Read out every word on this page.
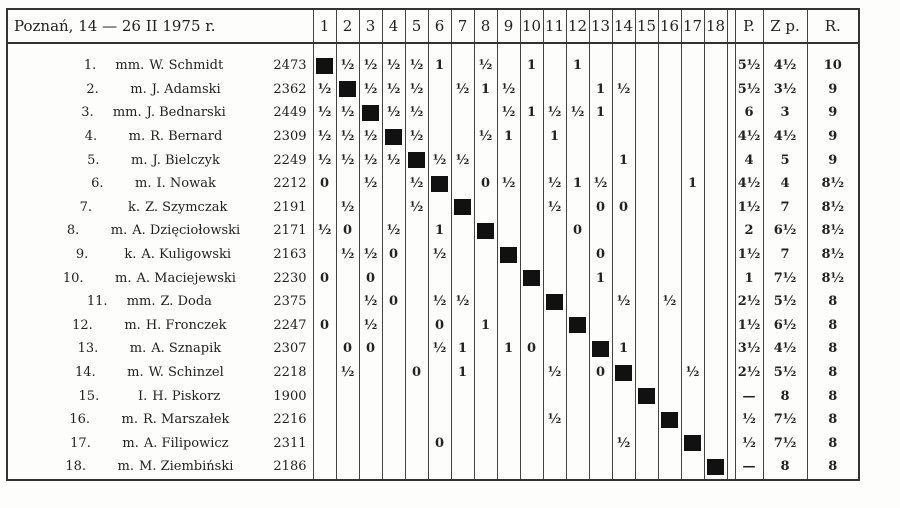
Poznań, 14 — 26 II 1975 r.	1	2	3	4	5	6	7	8	9	10	11	12	13	14	15	16	17	18		P.	Z p.	R.
1. mm. W. Schmidt 2473		½	½	½	½	1		½		1		1								5½	4½	10
2. m. J. Adamski 2362	½		½	½	½		½	1	½				1	½						5½	3½	9
3. mm. J. Bednarski 2449	½	½		½	½				½	1	½	½	1							6	3	9
4. m. R. Bernard 2309	½	½	½		½			½	1		1									4½	4½	9
5. m. J. Bielczyk 2249	½	½	½	½		½	½							1						4	5	9
6. m. I. Nowak 2212	0		½		½			0	½		½	1	½				1			4½	4	8½
7. k. Z. Szymczak 2191		½			½						½		0	0						1½	7	8½
8. m. A. Dzięciołowski 2171	½	0		½		1						0								2	6½	8½
9. k. A. Kuligowski 2163		½	½	0		½							0							1½	7	8½
10. m. A. Maciejewski 2230	0		0										1							1	7½	8½
11. mm. Z. Doda 2375			½	0		½	½							½		½				2½	5½	8
12. m. H. Fronczek 2247	0		½			0		1												1½	6½	8
13. m. A. Sznapik 2307		0	0			½	1		1	0				1						3½	4½	8
14. m. W. Schinzel 2218		½			0		1				½		0				½			2½	5½	8
15. I. H. Piskorz 1900																				—	8	8
16. m. R. Marszałek 2216											½									½	7½	8
17. m. A. Filipowicz 2311						0								½						½	7½	8
18. m. M. Ziembiński 2186																				—	8	8
